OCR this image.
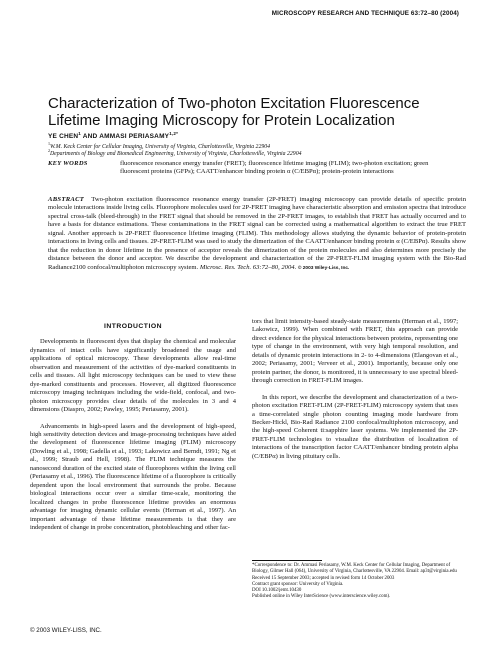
MICROSCOPY RESEARCH AND TECHNIQUE 63:72–80 (2004)
Characterization of Two-photon Excitation Fluorescence
Lifetime Imaging Microscopy for Protein Localization
YE CHEN$^1$ AND AMMASI $PERIASAMY^{1,2*}$
$^1$W.M. Keck Center for Cellular Imaging, University of Virginia, Charlottesville, Virginia 22904
$^2$Departments of Biology and Biomedical Engineering, University of Virginia, Charlottesville, Virginia 22904
KEY WORDS	fluorescence resonance energy transfer (FRET); fluorescence lifetime imaging (FLIM); two-photon excitation; green fluorescent proteins (GFPs); CAATT/enhancer binding protein α (C/EBPα); protein-protein interactions
ABSTRACT Two-photon excitation fluorescence resonance energy transfer (2P-FRET) imaging microscopy can provide details of specific protein molecule interactions inside living cells. Fluorophore molecules used for 2P-FRET imaging have characteristic absorption and emission spectra that introduce spectral cross-talk (bleed-through) in the FRET signal that should be removed in the 2P-FRET images, to establish that FRET has actually occurred and to have a basis for distance estimations. These contaminations in the FRET signal can be corrected using a mathematical algorithm to extract the true FRET signal. Another approach is 2P-FRET fluorescence lifetime imaging (FLIM). This methodology allows studying the dynamic behavior of protein-protein interactions in living cells and tissues. 2P-FRET-FLIM was used to study the dimerization of the CAATT/enhancer binding protein α (C/EBPα). Results show that the reduction in donor lifetime in the presence of acceptor reveals the dimerization of the protein molecules and also determines more precisely the distance between the donor and acceptor. We describe the development and characterization of the 2P-FRET-FLIM imaging system with the Bio-Rad Radiance2100 confocal/multiphoton microscopy system. Microsc. Res. Tech. 63:72–80, 2004. © 2003 Wiley-Liss, Inc.
INTRODUCTION

Developments in fluorescent dyes that display the chemical and molecular dynamics of intact cells have significantly broadened the usage and applications of optical microscopy. These developments allow real-time observation and measurement of the activities of dye-marked constituents in cells and tissues. All light microscopy techniques can be used to view these dye-marked constituents and processes. However, all digitized fluorescence microscopy imaging techniques including the wide-field, confocal, and two-photon microscopy provides clear details of the molecules in 3 and 4 dimensions (Diaspro, 2002; Pawley, 1995; Periasamy, 2001).

Advancements in high-speed lasers and the development of high-speed, high sensitivity detection devices and image-processing techniques have aided the development of fluorescence lifetime imaging (FLIM) microscopy (Dowling et al., 1998; Gadella et al., 1993; Lakowicz and Berndt, 1991; Ng et al., 1999; Straub and Hell, 1998). The FLIM technique measures the nanosecond duration of the excited state of fluorophores within the living cell (Periasamy et al., 1996). The fluorescence lifetime of a fluorophore is critically dependent upon the local environment that surrounds the probe. Because biological interactions occur over a similar time-scale, monitoring the localized changes in probe fluorescence lifetime provides an enormous advantage for imaging dynamic cellular events (Herman et al., 1997). An important advantage of these lifetime measurements is that they are independent of change in probe concentration, photobleaching and other fac-

tors that limit intensity-based steady-state measurements (Herman et al., 1997; Lakowicz, 1999). When combined with FRET, this approach can provide direct evidence for the physical interactions between proteins, representing one type of change in the environment, with very high temporal resolution, and details of dynamic protein interactions in 2- to 4-dimensions (Elangovan et al., 2002; Periasamy, 2001; Verveer et al., 2001). Importantly, because only one protein partner, the donor, is monitored, it is unnecessary to use spectral bleed-through correction in FRET-FLIM images.

In this report, we describe the development and characterization of a two-photon excitation FRET-FLIM (2P-FRET-FLIM) microscopy system that uses a time-correlated single photon counting imaging mode hardware from Becker-Hickl, Bio-Rad Radiance 2100 confocal/multiphoton microscopy, and the high-speed Coherent ti:sapphire laser systems. We implemented the 2P-FRET-FLIM technologies to visualize the distribution of localization of interactions of the transcription factor CAATT/enhancer binding protein alpha (C/EBPα) in living pituitary cells.

*Correspondence to: Dr. Ammasi Periasamy, W.M. Keck Center for Cellular Imaging, Department of Biology, Gilmer Hall (064), University of Virginia, Charlottesville, VA 22904. Email: ap3t@virginia.edu
Received 15 September 2003; accepted in revised form 14 October 2003
Contract grant sponsor: University of Virginia.
DOI 10.1002/jemt.10430
Published online in Wiley InterScience (www.interscience.wiley.com).
© 2003 WILEY-LISS, INC.
